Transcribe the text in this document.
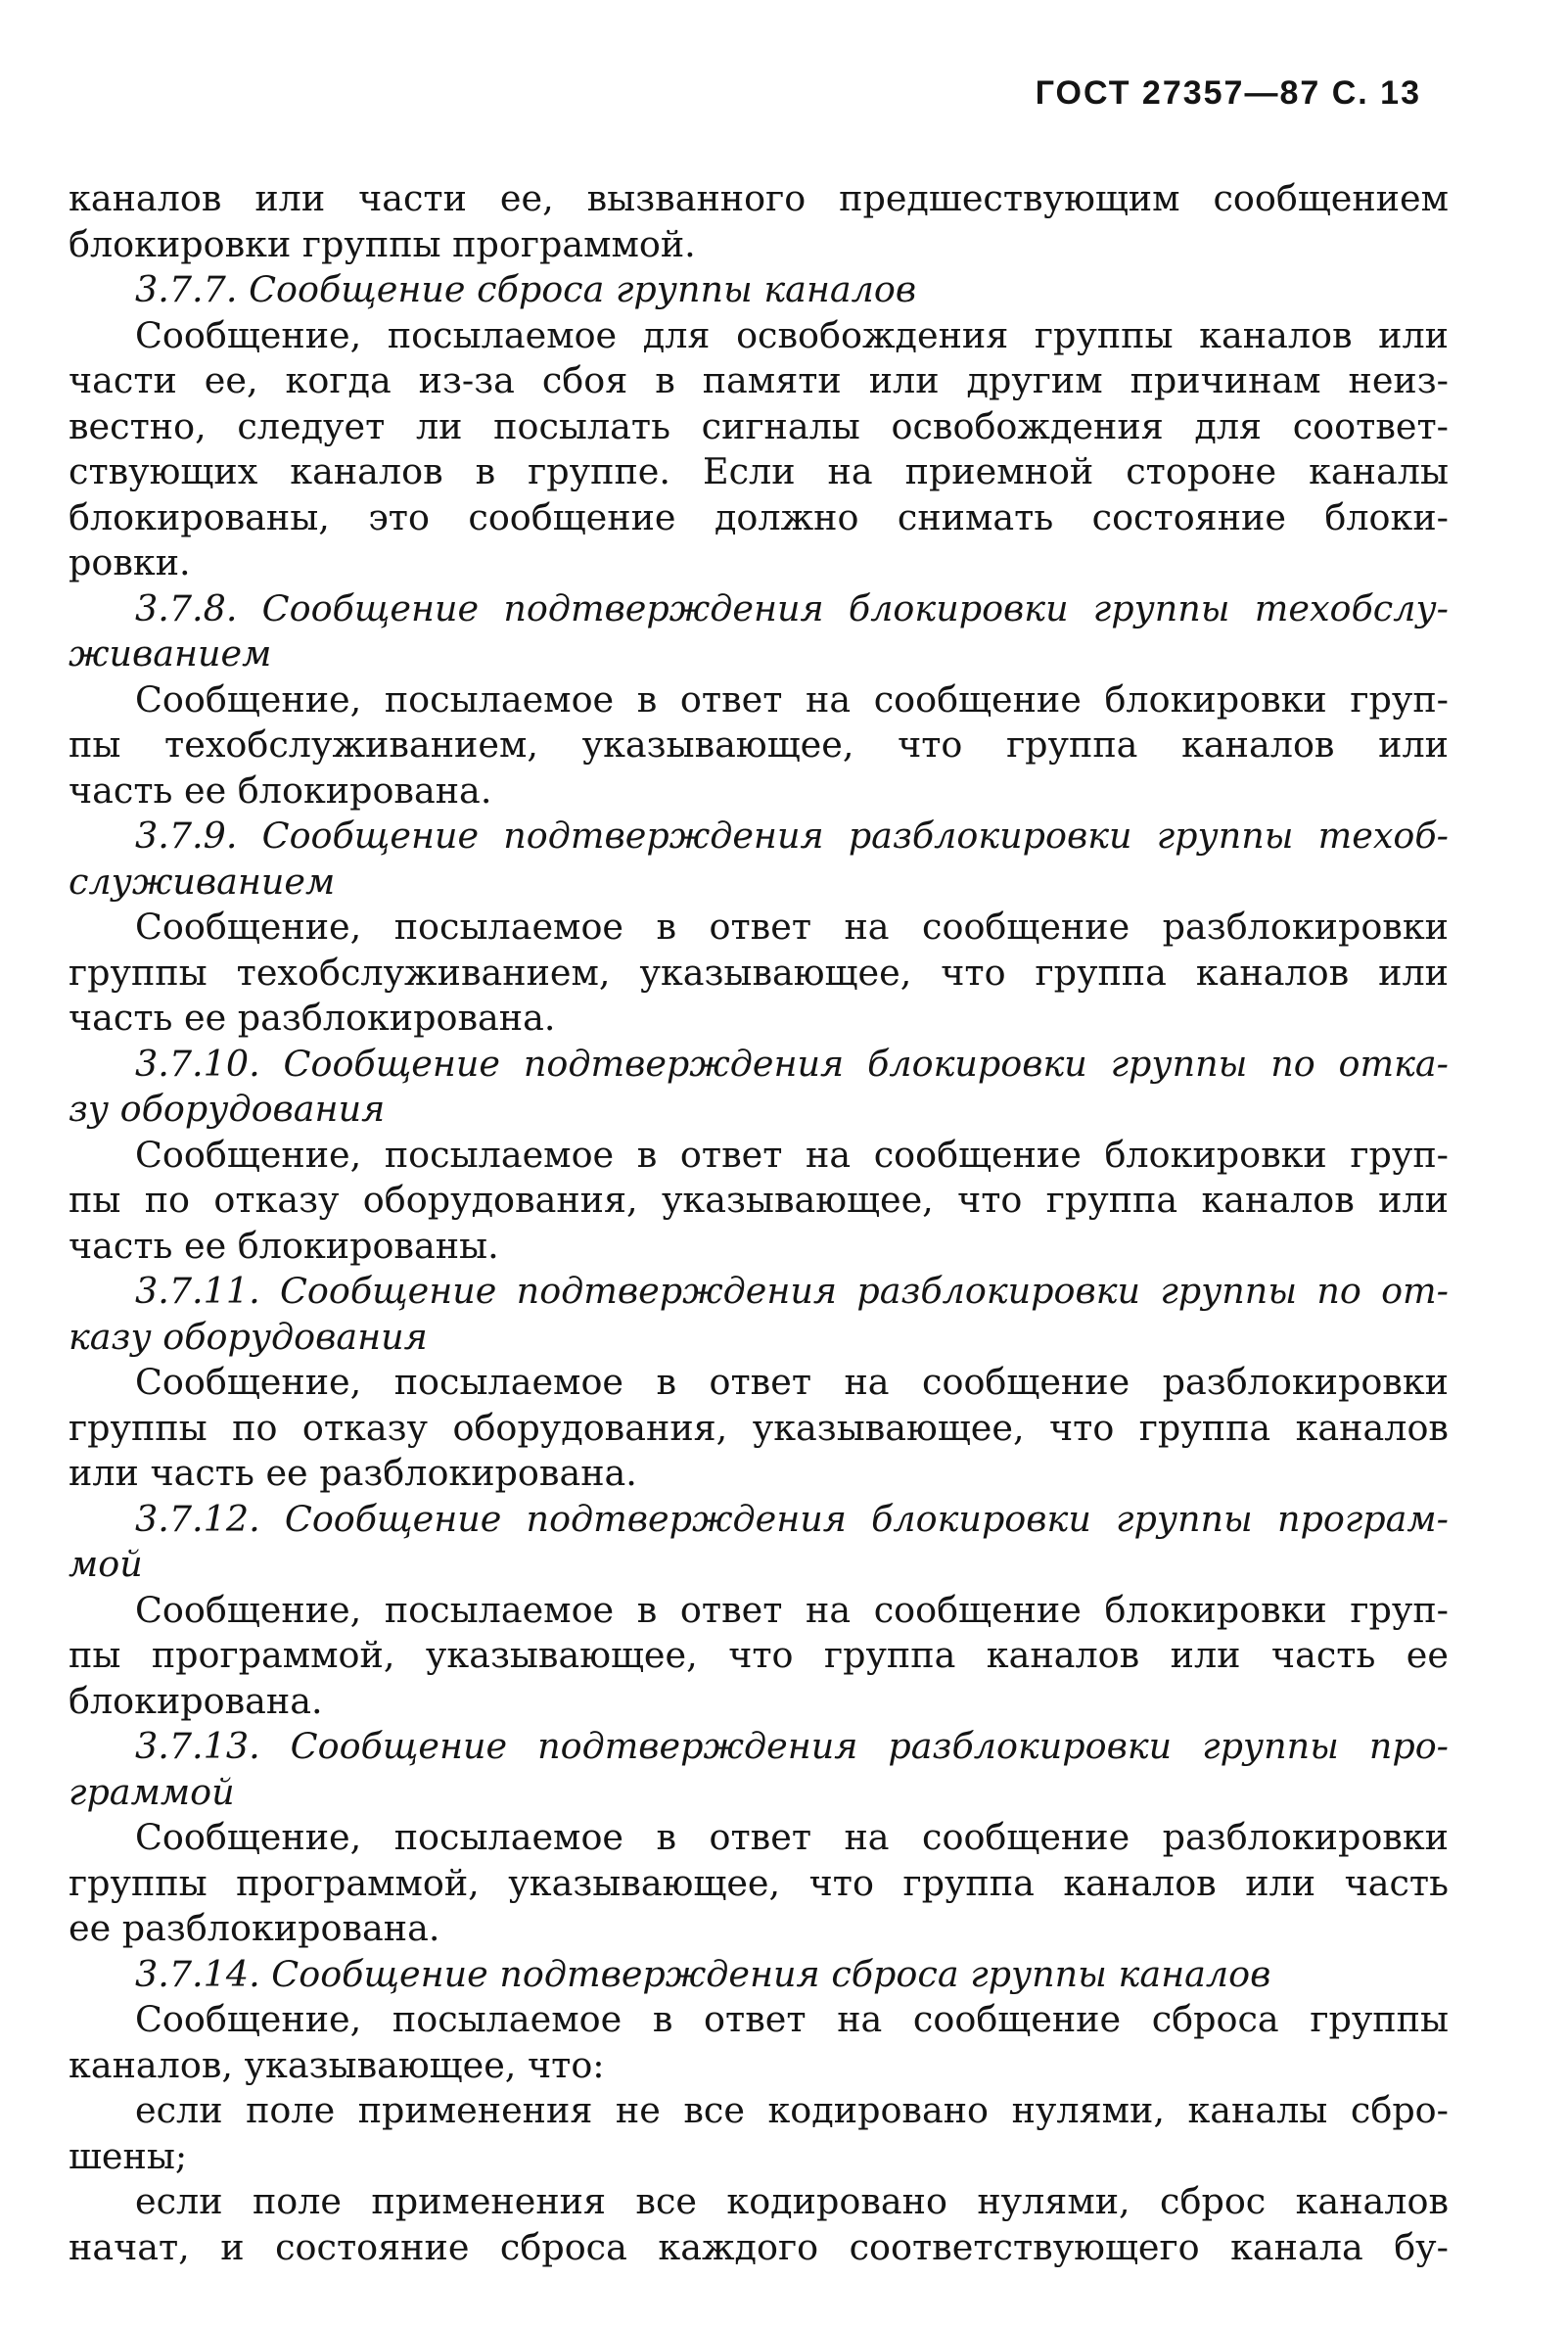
ГОСТ 27357—87 С. 13
каналов или части ее, вызванного предшествующим сообщением
блокировки группы программой.
3.7.7. Сообщение сброса группы каналов
Сообщение, посылаемое для освобождения группы каналов или
части ее, когда из-за сбоя в памяти или другим причинам неиз-
вестно, следует ли посылать сигналы освобождения для соответ-
ствующих каналов в группе. Если на приемной стороне каналы
блокированы, это сообщение должно снимать состояние блоки-
ровки.
3.7.8. Сообщение подтверждения блокировки группы техобслу-
живанием
Сообщение, посылаемое в ответ на сообщение блокировки груп-
пы техобслуживанием, указывающее, что группа каналов или
часть ее блокирована.
3.7.9. Сообщение подтверждения разблокировки группы техоб-
служиванием
Сообщение, посылаемое в ответ на сообщение разблокировки
группы техобслуживанием, указывающее, что группа каналов или
часть ее разблокирована.
3.7.10. Сообщение подтверждения блокировки группы по отка-
зу оборудования
Сообщение, посылаемое в ответ на сообщение блокировки груп-
пы по отказу оборудования, указывающее, что группа каналов или
часть ее блокированы.
3.7.11. Сообщение подтверждения разблокировки группы по от-
казу оборудования
Сообщение, посылаемое в ответ на сообщение разблокировки
группы по отказу оборудования, указывающее, что группа каналов
или часть ее разблокирована.
3.7.12. Сообщение подтверждения блокировки группы програм-
мой
Сообщение, посылаемое в ответ на сообщение блокировки груп-
пы программой, указывающее, что группа каналов или часть ее
блокирована.
3.7.13. Сообщение подтверждения разблокировки группы про-
граммой
Сообщение, посылаемое в ответ на сообщение разблокировки
группы программой, указывающее, что группа каналов или часть
ее разблокирована.
3.7.14. Сообщение подтверждения сброса группы каналов
Сообщение, посылаемое в ответ на сообщение сброса группы
каналов, указывающее, что:
если поле применения не все кодировано нулями, каналы сбро-
шены;
если поле применения все кодировано нулями, сброс каналов
начат, и состояние сброса каждого соответствующего канала бу-
